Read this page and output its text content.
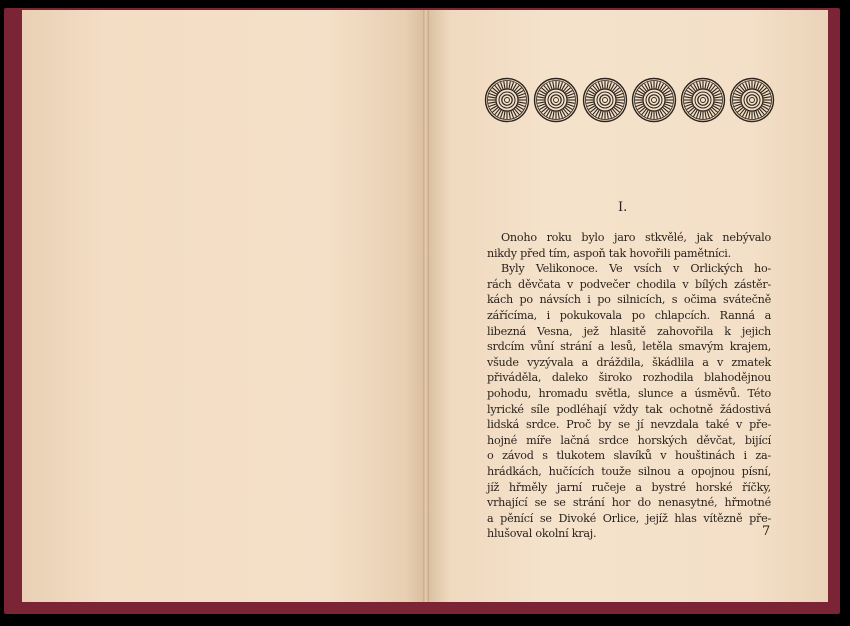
I.
Onoho roku bylo jaro stkvělé, jak nebývalo
nikdy před tím, aspoň tak hovořili pamětníci.
Byly Velikonoce. Ve vsích v Orlických ho-
rách děvčata v podvečer chodila v bílých zástěr-
kách po návsích i po silnicích, s očima svátečně
zářícíma, i pokukovala po chlapcích. Ranná a
libezná Vesna, jež hlasitě zahovořila k jejich
srdcím vůní strání a lesů, letěla smavým krajem,
všude vyzývala a dráždila, škádlila a v zmatek
přiváděla, daleko široko rozhodila blahodějnou
pohodu, hromadu světla, slunce a úsměvů. Této
lyrické síle podléhají vždy tak ochotně žádostivá
lidská srdce. Proč by se jí nevzdala také v pře-
hojné míře lačná srdce horských děvčat, bijící
o závod s tlukotem slavíků v houštinách i za-
hrádkách, hučících touže silnou a opojnou písní,
jíž hřměly jarní ručeje a bystré horské říčky,
vrhající se se strání hor do nenasytné, hřmotné
a pěnící se Divoké Orlice, jejíž hlas vítězně pře-
hlušoval okolní kraj.	7
